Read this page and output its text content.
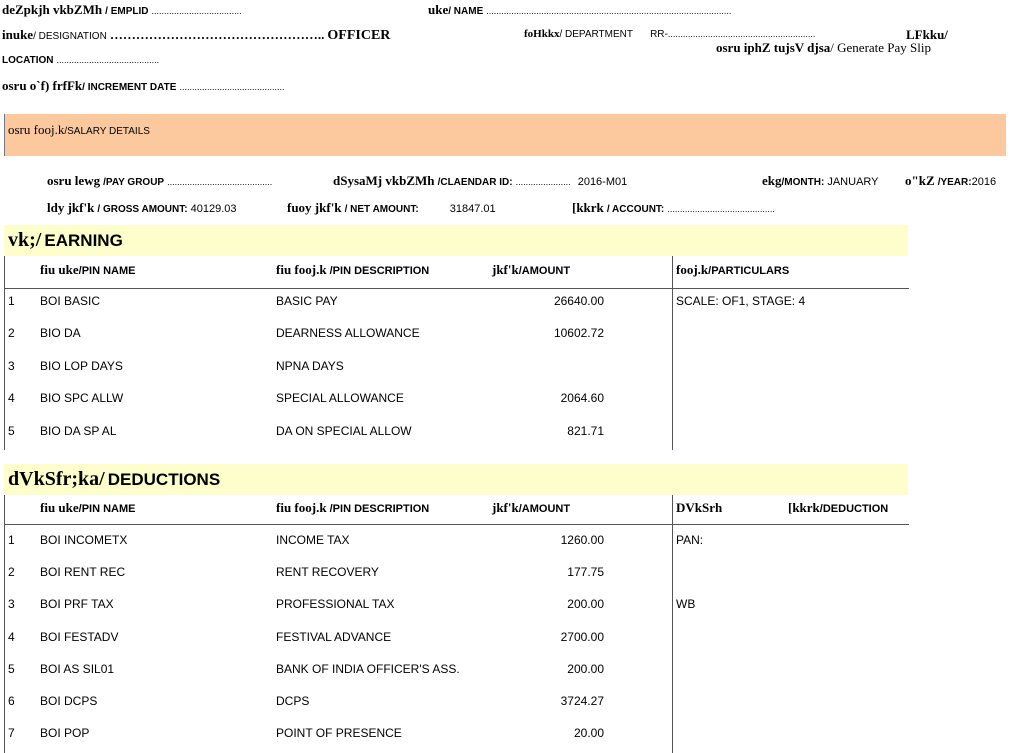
deZpkjh vkbZMh / EMPLID ....................................	uke/ NAME ..................................................................................................
inuke/ DESIGNATION ………………………………………….. OFFICER	foHkkx/ DEPARTMENT RR-...........................................................	LFkku/
osru iphZ tujsV djsa/ Generate Pay Slip
LOCATION .........................................
osru o`f) frfFk/ INCREMENT DATE ..........................................
osru fooj.k/SALARY DETAILS
osru lewg /PAY GROUP ..........................................	dSysaMj vkbZMh /CLAENDAR ID: ...................... 2016-M01	ekg/MONTH: JANUARY o"kZ /YEAR:2016
ldy jkf'k / GROSS AMOUNT: 40129.03	fuoy jkf'k / NET AMOUNT:	31847.01	[kkrk / ACCOUNT: ...........................................
vk;/ EARNING
fiu uke/PIN NAME	fiu fooj.k /PIN DESCRIPTION	jkf'k/AMOUNT	fooj.k/PARTICULARS
1 BOI BASIC	BASIC PAY	26640.00	SCALE: OF1, STAGE: 4
2 BIO DA	DEARNESS ALLOWANCE	10602.72
3 BIO LOP DAYS	NPNA DAYS
4 BIO SPC ALLW	SPECIAL ALLOWANCE	2064.60
5 BIO DA SP AL	DA ON SPECIAL ALLOW	821.71
dVkSfr;ka/ DEDUCTIONS
fiu uke/PIN NAME	fiu fooj.k /PIN DESCRIPTION	jkf'k/AMOUNT	DVkSrh	[kkrk/DEDUCTION
1 BOI INCOMETX	INCOME TAX	1260.00	PAN:
2 BOI RENT REC	RENT RECOVERY	177.75
3 BOI PRF TAX	PROFESSIONAL TAX	200.00	WB
4 BOI FESTADV	FESTIVAL ADVANCE	2700.00
5 BOI AS SIL01	BANK OF INDIA OFFICER'S ASS.	200.00
6 BOI DCPS	DCPS	3724.27
7 BOI POP	POINT OF PRESENCE	20.00
